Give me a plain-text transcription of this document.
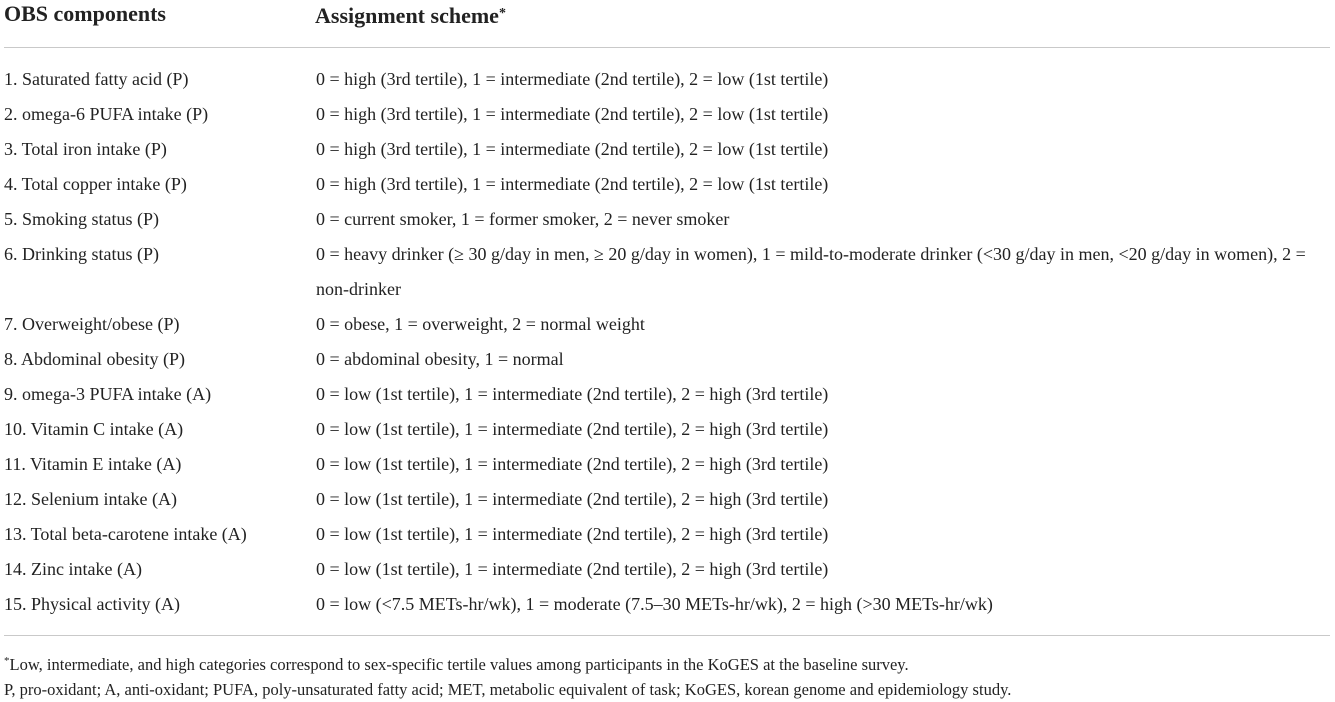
OBS components	Assignment scheme*
1. Saturated fatty acid (P)	0 = high (3rd tertile), 1 = intermediate (2nd tertile), 2 = low (1st tertile)
2. omega-6 PUFA intake (P)	0 = high (3rd tertile), 1 = intermediate (2nd tertile), 2 = low (1st tertile)
3. Total iron intake (P)	0 = high (3rd tertile), 1 = intermediate (2nd tertile), 2 = low (1st tertile)
4. Total copper intake (P)	0 = high (3rd tertile), 1 = intermediate (2nd tertile), 2 = low (1st tertile)
5. Smoking status (P)	0 = current smoker, 1 = former smoker, 2 = never smoker
6. Drinking status (P)	0 = heavy drinker (≥ 30 g/day in men, ≥ 20 g/day in women), 1 = mild-to-moderate drinker (<30 g/day in men, <20 g/day in women), 2 = non-drinker
7. Overweight/obese (P)	0 = obese, 1 = overweight, 2 = normal weight
8. Abdominal obesity (P)	0 = abdominal obesity, 1 = normal
9. omega-3 PUFA intake (A)	0 = low (1st tertile), 1 = intermediate (2nd tertile), 2 = high (3rd tertile)
10. Vitamin C intake (A)	0 = low (1st tertile), 1 = intermediate (2nd tertile), 2 = high (3rd tertile)
11. Vitamin E intake (A)	0 = low (1st tertile), 1 = intermediate (2nd tertile), 2 = high (3rd tertile)
12. Selenium intake (A)	0 = low (1st tertile), 1 = intermediate (2nd tertile), 2 = high (3rd tertile)
13. Total beta-carotene intake (A)	0 = low (1st tertile), 1 = intermediate (2nd tertile), 2 = high (3rd tertile)
14. Zinc intake (A)	0 = low (1st tertile), 1 = intermediate (2nd tertile), 2 = high (3rd tertile)
15. Physical activity (A)	0 = low (<7.5 METs-hr/wk), 1 = moderate (7.5–30 METs-hr/wk), 2 = high (>30 METs-hr/wk)
*Low, intermediate, and high categories correspond to sex-specific tertile values among participants in the KoGES at the baseline survey.
P, pro-oxidant; A, anti-oxidant; PUFA, poly-unsaturated fatty acid; MET, metabolic equivalent of task; KoGES, korean genome and epidemiology study.
